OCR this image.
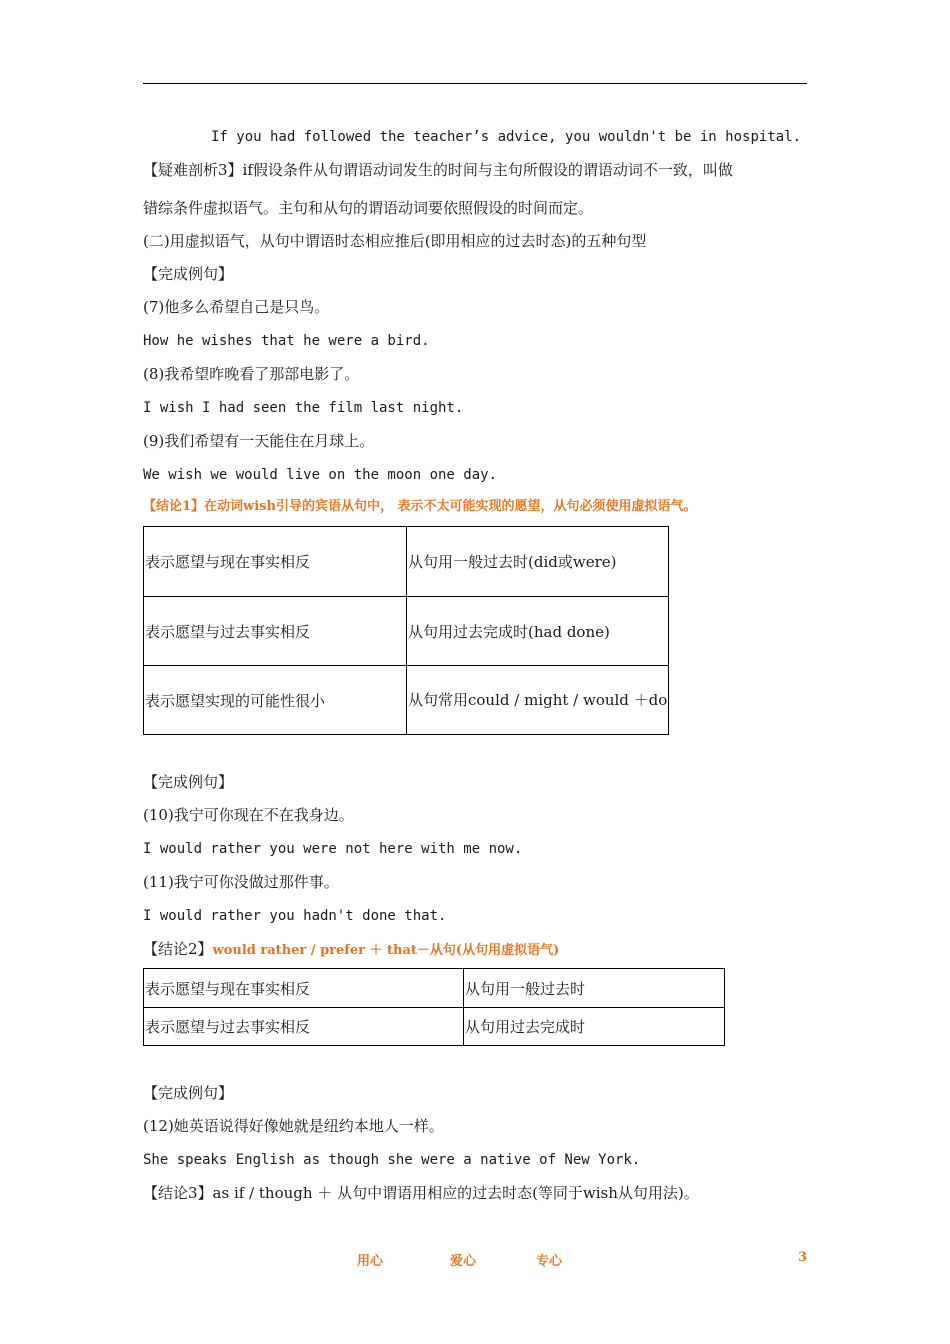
If you had followed the teacher’s advice, you wouldn't be in hospital.
【疑难剖析3】if假设条件从句谓语动词发生的时间与主句所假设的谓语动词不一致，叫做
错综条件虚拟语气。主句和从句的谓语动词要依照假设的时间而定。
(二)用虚拟语气，从句中谓语时态相应推后(即用相应的过去时态)的五种句型
【完成例句】
(7)他多么希望自己是只鸟。
How he wishes that he were a bird.
(8)我希望昨晚看了那部电影了。
I wish I had seen the film last night.
(9)我们希望有一天能住在月球上。
We wish we would live on the moon one day.
【结论1】在动词wish引导的宾语从句中， 表示不太可能实现的愿望，从句必须使用虚拟语气。
表示愿望与现在事实相反	从句用一般过去时(did或were)
表示愿望与过去事实相反	从句用过去完成时(had done)
表示愿望实现的可能性很小	从句常用could / might / would ＋do
【完成例句】
(10)我宁可你现在不在我身边。
I would rather you were not here with me now.
(11)我宁可你没做过那件事。
I would rather you hadn't done that.
【结论2】would rather / prefer ＋ that－从句(从句用虚拟语气)
表示愿望与现在事实相反	从句用一般过去时
表示愿望与过去事实相反	从句用过去完成时
【完成例句】
(12)她英语说得好像她就是纽约本地人一样。
She speaks English as though she were a native of New York.
【结论3】as if / though ＋ 从句中谓语用相应的过去时态(等同于wish从句用法)。
用心	爱心	专心	3
